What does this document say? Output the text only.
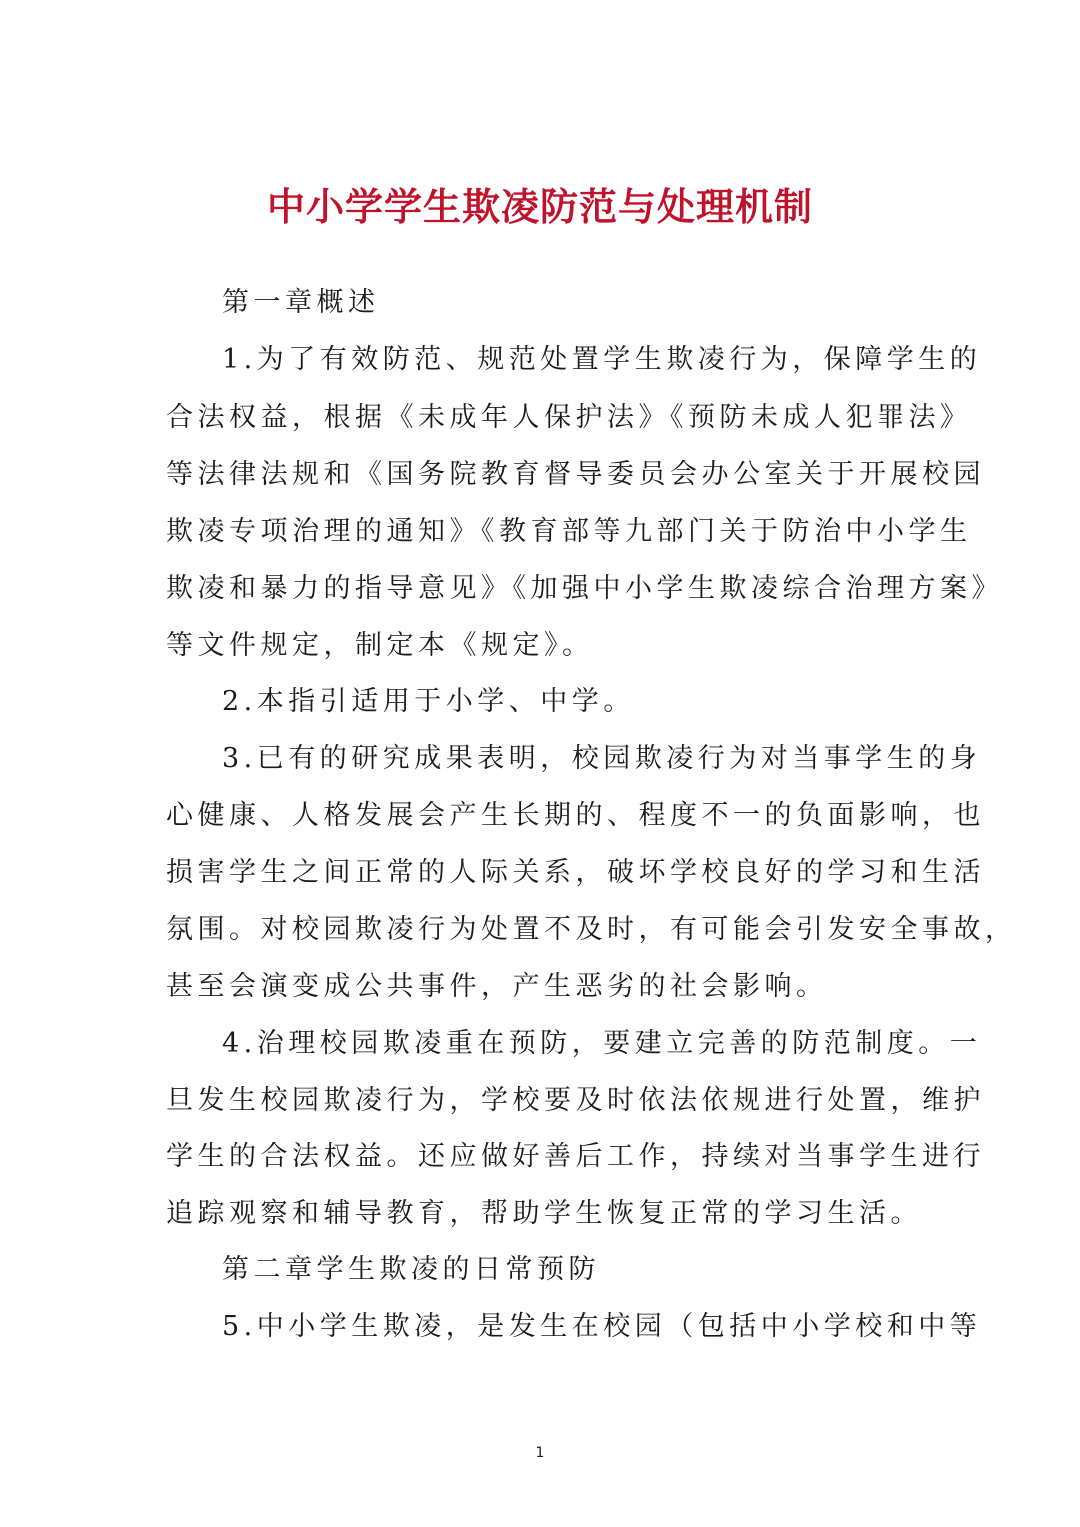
中小学学生欺凌防范与处理机制
第一章概述
1.为了有效防范、规范处置学生欺凌行为，保障学生的
合法权益，根据《未成年人保护法》《预防未成人犯罪法》
等法律法规和《国务院教育督导委员会办公室关于开展校园
欺凌专项治理的通知》《教育部等九部门关于防治中小学生
欺凌和暴力的指导意见》《加强中小学生欺凌综合治理方案》
等文件规定，制定本《规定》。
2.本指引适用于小学、中学。
3.已有的研究成果表明，校园欺凌行为对当事学生的身
心健康、人格发展会产生长期的、程度不一的负面影响，也
损害学生之间正常的人际关系，破坏学校良好的学习和生活
氛围。对校园欺凌行为处置不及时，有可能会引发安全事故，
甚至会演变成公共事件，产生恶劣的社会影响。
4.治理校园欺凌重在预防，要建立完善的防范制度。一
旦发生校园欺凌行为，学校要及时依法依规进行处置，维护
学生的合法权益。还应做好善后工作，持续对当事学生进行
追踪观察和辅导教育，帮助学生恢复正常的学习生活。
第二章学生欺凌的日常预防
5.中小学生欺凌，是发生在校园（包括中小学校和中等
1
